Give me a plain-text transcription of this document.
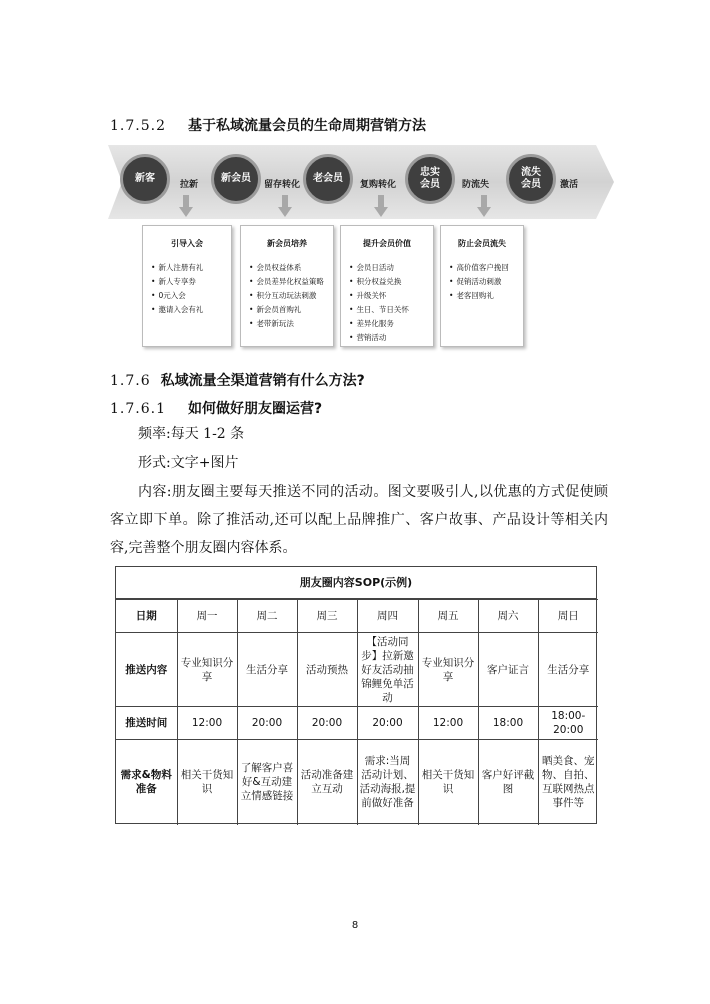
1.7.5.2 基于私域流量会员的生命周期营销方法
新客	新会员	老会员
忠实
会员
流失
会员
拉新	留存转化	复购转化	防流失	激活
引导入会
• 新人注册有礼
• 新人专享券
• 0元入会
• 邀请入会有礼
新会员培养
• 会员权益体系
• 会员差异化权益策略
• 积分互动玩法刺激
• 新会员首购礼
• 老带新玩法
提升会员价值
• 会员日活动
• 积分权益兑换
• 升级关怀
• 生日、节日关怀
• 差异化服务
• 营销活动
防止会员流失
• 高价值客户挽回
• 促销活动刺激
• 老客回购礼
1.7.6 私域流量全渠道营销有什么方法?
1.7.6.1 如何做好朋友圈运营?
频率:每天 1-2 条
形式:文字+图片
内容:朋友圈主要每天推送不同的活动。图文要吸引人,以优惠的方式促使顾客立即下单。除了推活动,还可以配上品牌推广、客户故事、产品设计等相关内容,完善整个朋友圈内容体系。
朋友圈内容SOP(示例)
日期	周一	周二	周三	周四	周五	周六	周日
推送内容	专业知识分享	生活分享	活动预热	【活动同步】拉新邀好友活动抽锦鲤免单活动	专业知识分享	客户证言	生活分享
推送时间	12:00	20:00	20:00	20:00	12:00	18:00	18:00-20:00
需求&物料准备	相关干货知识	了解客户喜好&互动建立情感链接	活动准备建立互动	需求:当周活动计划、活动海报,提前做好准备	相关干货知识	客户好评截图	晒美食、宠物、自拍、互联网热点事件等
8
